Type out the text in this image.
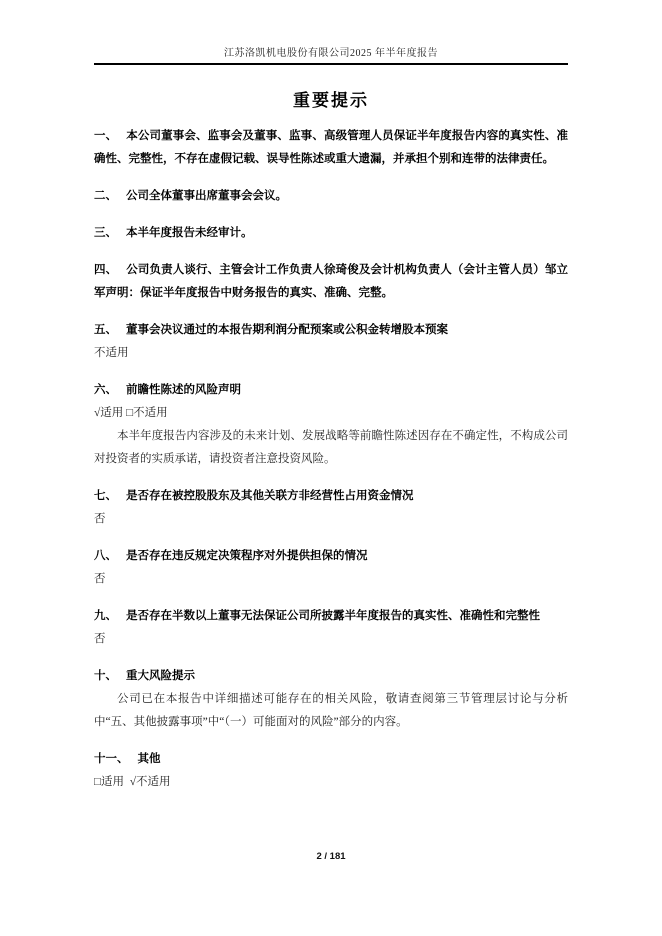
江苏洛凯机电股份有限公司2025 年半年度报告
重要提示

一、 本公司董事会、监事会及董事、监事、高级管理人员保证半年度报告内容的真实性、准确性、完整性，不存在虚假记载、误导性陈述或重大遗漏，并承担个别和连带的法律责任。

二、 公司全体董事出席董事会会议。

三、 本半年度报告未经审计。

四、 公司负责人谈行、主管会计工作负责人徐琦俊及会计机构负责人（会计主管人员）邹立军声明：保证半年度报告中财务报告的真实、准确、完整。

五、 董事会决议通过的本报告期利润分配预案或公积金转增股本预案

不适用

六、 前瞻性陈述的风险声明

√适用 □不适用

本半年度报告内容涉及的未来计划、发展战略等前瞻性陈述因存在不确定性，不构成公司对投资者的实质承诺，请投资者注意投资风险。

七、 是否存在被控股股东及其他关联方非经营性占用资金情况

否

八、 是否存在违反规定决策程序对外提供担保的情况

否

九、 是否存在半数以上董事无法保证公司所披露半年度报告的真实性、准确性和完整性

否

十、 重大风险提示

公司已在本报告中详细描述可能存在的相关风险，敬请查阅第三节管理层讨论与分析中“五、其他披露事项”中“（一）可能面对的风险”部分的内容。

十一、 其他

□适用  √不适用

2 / 181
